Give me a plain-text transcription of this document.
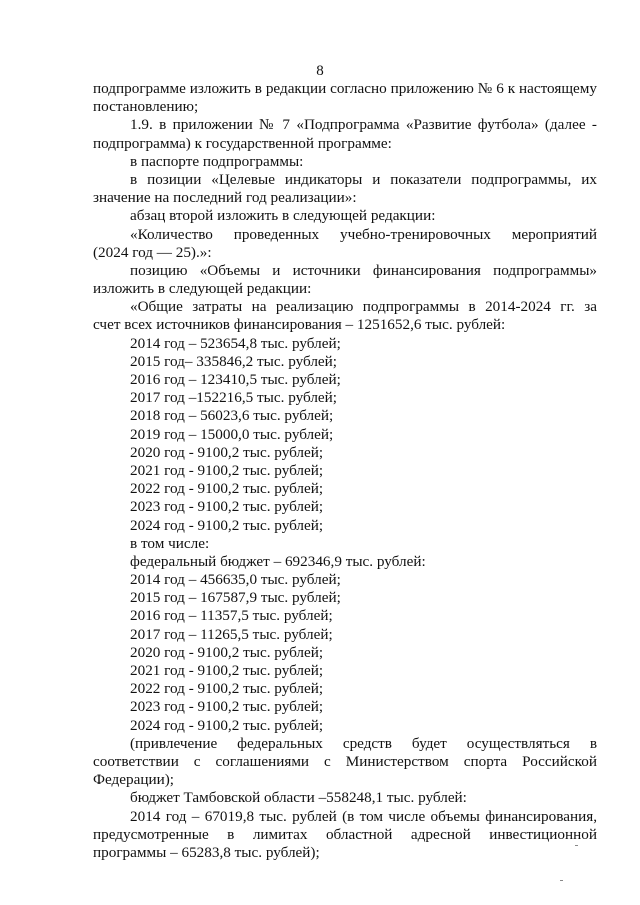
8
подпрограмме изложить в редакции согласно приложению № 6 к настоящему
постановлению;
1.9. в приложении № 7 «Подпрограмма «Развитие футбола» (далее -
подпрограмма) к государственной программе:
в паспорте подпрограммы:
в позиции «Целевые индикаторы и показатели подпрограммы, их
значение на последний год реализации»:
абзац второй изложить в следующей редакции:
«Количество проведенных учебно-тренировочных мероприятий
(2024 год — 25).»:
позицию «Объемы и источники финансирования подпрограммы»
изложить в следующей редакции:
«Общие затраты на реализацию подпрограммы в 2014-2024 гг. за
счет всех источников финансирования – 1251652,6 тыс. рублей:
2014 год – 523654,8 тыс. рублей;
2015 год– 335846,2 тыс. рублей;
2016 год – 123410,5 тыс. рублей;
2017 год –152216,5 тыс. рублей;
2018 год – 56023,6 тыс. рублей;
2019 год – 15000,0 тыс. рублей;
2020 год - 9100,2 тыс. рублей;
2021 год - 9100,2 тыс. рублей;
2022 год - 9100,2 тыс. рублей;
2023 год - 9100,2 тыс. рублей;
2024 год - 9100,2 тыс. рублей;
в том числе:
федеральный бюджет – 692346,9 тыс. рублей:
2014 год – 456635,0 тыс. рублей;
2015 год – 167587,9 тыс. рублей;
2016 год – 11357,5 тыс. рублей;
2017 год – 11265,5 тыс. рублей;
2020 год - 9100,2 тыс. рублей;
2021 год - 9100,2 тыс. рублей;
2022 год - 9100,2 тыс. рублей;
2023 год - 9100,2 тыс. рублей;
2024 год - 9100,2 тыс. рублей;
(привлечение федеральных средств будет осуществляться в
соответствии с соглашениями с Министерством спорта Российской
Федерации);
бюджет Тамбовской области –558248,1 тыс. рублей:
2014 год – 67019,8 тыс. рублей (в том числе объемы финансирования,
предусмотренные в лимитах областной адресной инвестиционной
программы – 65283,8 тыс. рублей);
